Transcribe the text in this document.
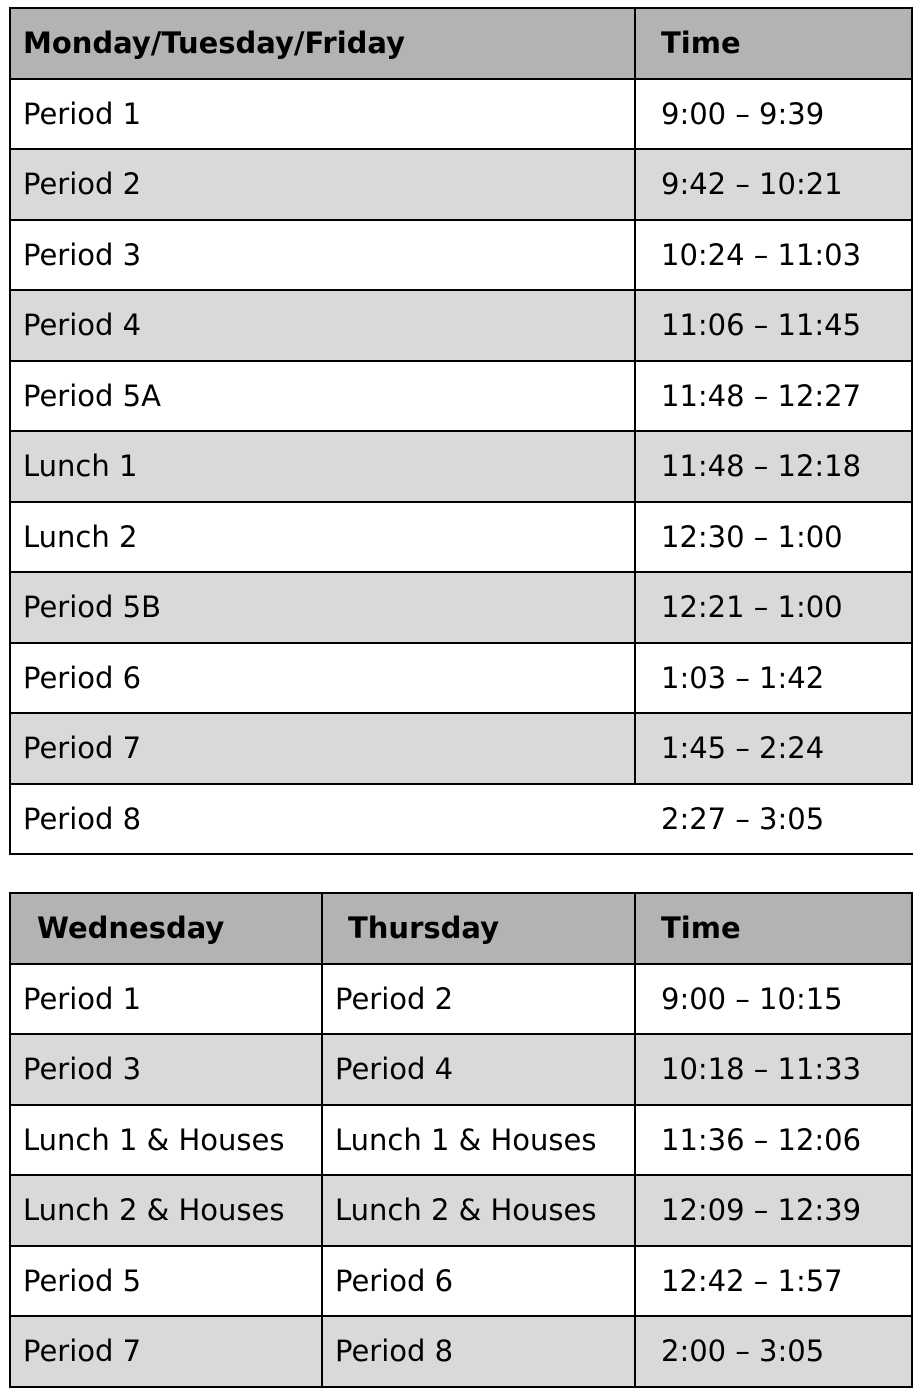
Monday/Tuesday/Friday	Time
Period 1	9:00 – 9:39
Period 2	9:42 – 10:21
Period 3	10:24 – 11:03
Period 4	11:06 – 11:45
Period 5A	11:48 – 12:27
Lunch 1	11:48 – 12:18
Lunch 2	12:30 – 1:00
Period 5B	12:21 – 1:00
Period 6	1:03 – 1:42
Period 7	1:45 – 2:24
Period 8	2:27 – 3:05
Wednesday	Thursday	Time
Period 1	Period 2	9:00 – 10:15
Period 3	Period 4	10:18 – 11:33
Lunch 1 & Houses	Lunch 1 & Houses	11:36 – 12:06
Lunch 2 & Houses	Lunch 2 & Houses	12:09 – 12:39
Period 5	Period 6	12:42 – 1:57
Period 7	Period 8	2:00 – 3:05
